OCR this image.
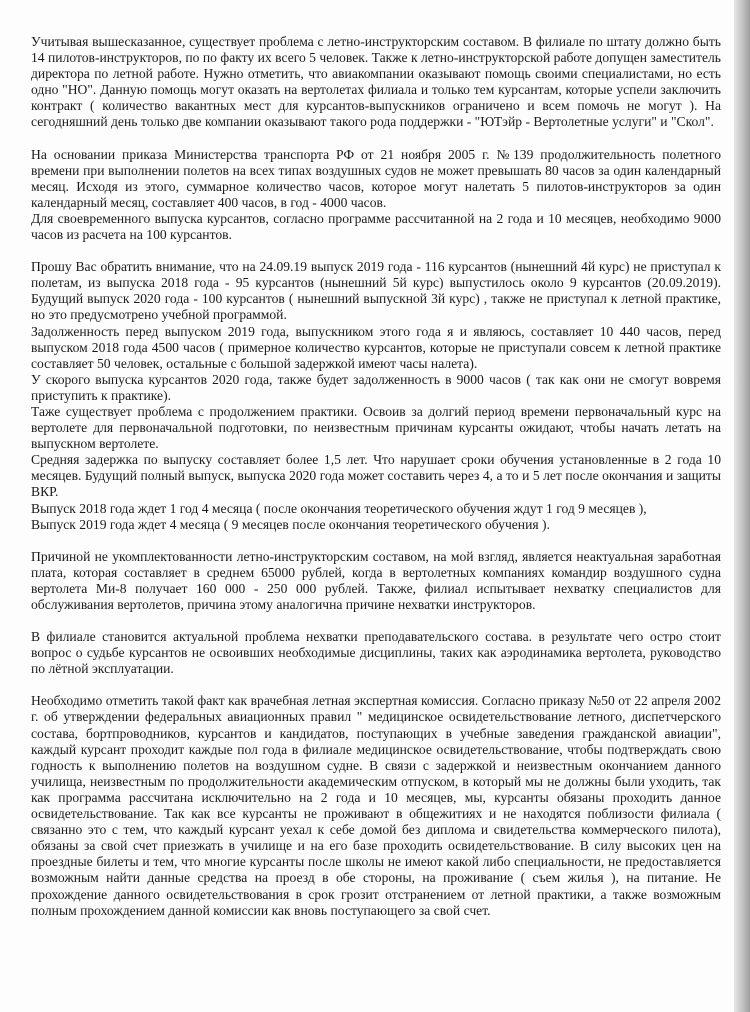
Учитывая вышесказанное, существует проблема с летно-инструкторским составом. В филиале по штату должно быть 14 пилотов-инструкторов, по по факту их всего 5 человек. Также к летно-инструкторской работе допущен заместитель директора по летной работе. Нужно отметить, что авиакомпании оказывают помощь своими специалистами, но есть одно "НО". Данную помощь могут оказать на вертолетах филиала и только тем курсантам, которые успели заключить контракт ( количество вакантных мест для курсантов-выпускников ограничено и всем помочь не могут ). На сегодняшний день только две компании оказывают такого рода поддержки - "ЮТэйр - Вертолетные услуги" и "Скол".

На основании приказа Министерства транспорта РФ от 21 ноября 2005 г. №139 продолжительность полетного времени при выполнении полетов на всех типах воздушных судов не может превышать 80 часов за один календарный месяц. Исходя из этого, суммарное количество часов, которое могут налетать 5 пилотов-инструкторов за один календарный месяц, составляет 400 часов, в год - 4000 часов.
Для своевременного выпуска курсантов, согласно программе рассчитанной на 2 года и 10 месяцев, необходимо 9000 часов из расчета на 100 курсантов.

Прошу Вас обратить внимание, что на 24.09.19 выпуск 2019 года - 116 курсантов (нынешний 4й курс) не приступал к полетам, из выпуска 2018 года - 95 курсантов (нынешний 5й курс) выпустилось около 9 курсантов (20.09.2019). Будущий выпуск 2020 года - 100 курсантов ( нынешний выпускной 3й курс) , также не приступал к летной практике, но это предусмотрено учебной программой.
Задолженность перед выпуском 2019 года, выпускником этого года я и являюсь, составляет 10 440 часов, перед выпуском 2018 года 4500 часов ( примерное количество курсантов, которые не приступали совсем к летной практике составляет 50 человек, остальные с большой задержкой имеют часы налета).
У скорого выпуска курсантов 2020 года, также будет задолженность в 9000 часов ( так как они не смогут вовремя приступить к практике).
Таже существует проблема с продолжением практики. Освоив за долгий период времени первоначальный курс на вертолете для первоначальной подготовки, по неизвестным причинам курсанты ожидают, чтобы начать летать на выпускном вертолете.
Средняя задержка по выпуску составляет более 1,5 лет. Что нарушает сроки обучения установленные в 2 года 10 месяцев. Будущий полный выпуск, выпуска 2020 года может составить через 4, а то и 5 лет после окончания и защиты ВКР.
Выпуск 2018 года ждет 1 год 4 месяца ( после окончания теоретического обучения ждут 1 год 9 месяцев ),
Выпуск 2019 года ждет 4 месяца ( 9 месяцев после окончания теоретического обучения ).

Причиной не укомплектованности летно-инструкторским составом, на мой взгляд, является неактуальная заработная плата, которая составляет в среднем 65000 рублей, когда в вертолетных компаниях командир воздушного судна вертолета Ми-8 получает 160 000 - 250 000 рублей. Также, филиал испытывает нехватку специалистов для обслуживания вертолетов, причина этому аналогична причине нехватки инструкторов.

В филиале становится актуальной проблема нехватки преподавательского состава. в результате чего остро стоит вопрос о судьбе курсантов не освоивших необходимые дисциплины, таких как аэродинамика вертолета, руководство по лётной эксплуатации.

Необходимо отметить такой факт как врачебная летная экспертная комиссия. Согласно приказу №50 от 22 апреля 2002 г. об утверждении федеральных авиационных правил " медицинское освидетельствование летного, диспетчерского состава, бортпроводников, курсантов и кандидатов, поступающих в учебные заведения гражданской авиации", каждый курсант проходит каждые пол года в филиале медицинское освидетельствование, чтобы подтверждать свою годность к выполнению полетов на воздушном судне. В связи с задержкой и неизвестным окончанием данного училища, неизвестным по продолжительности академическим отпуском, в который мы не должны были уходить, так как программа рассчитана исключительно на 2 года и 10 месяцев, мы, курсанты обязаны проходить данное освидетельствование. Так как все курсанты не проживают в общежитиях и не находятся поблизости филиала ( связанно это с тем, что каждый курсант уехал к себе домой без диплома и свидетельства коммерческого пилота), обязаны за свой счет приезжать в училище и на его базе проходить освидетельствование. В силу высоких цен на проездные билеты и тем, что многие курсанты после школы не имеют какой либо специальности, не предоставляется возможным найти данные средства на проезд в обе стороны, на проживание ( съем жилья ), на питание. Не прохождение данного освидетельствования в срок грозит отстранением от летной практики, а также возможным полным прохождением данной комиссии как вновь поступающего за свой счет.
